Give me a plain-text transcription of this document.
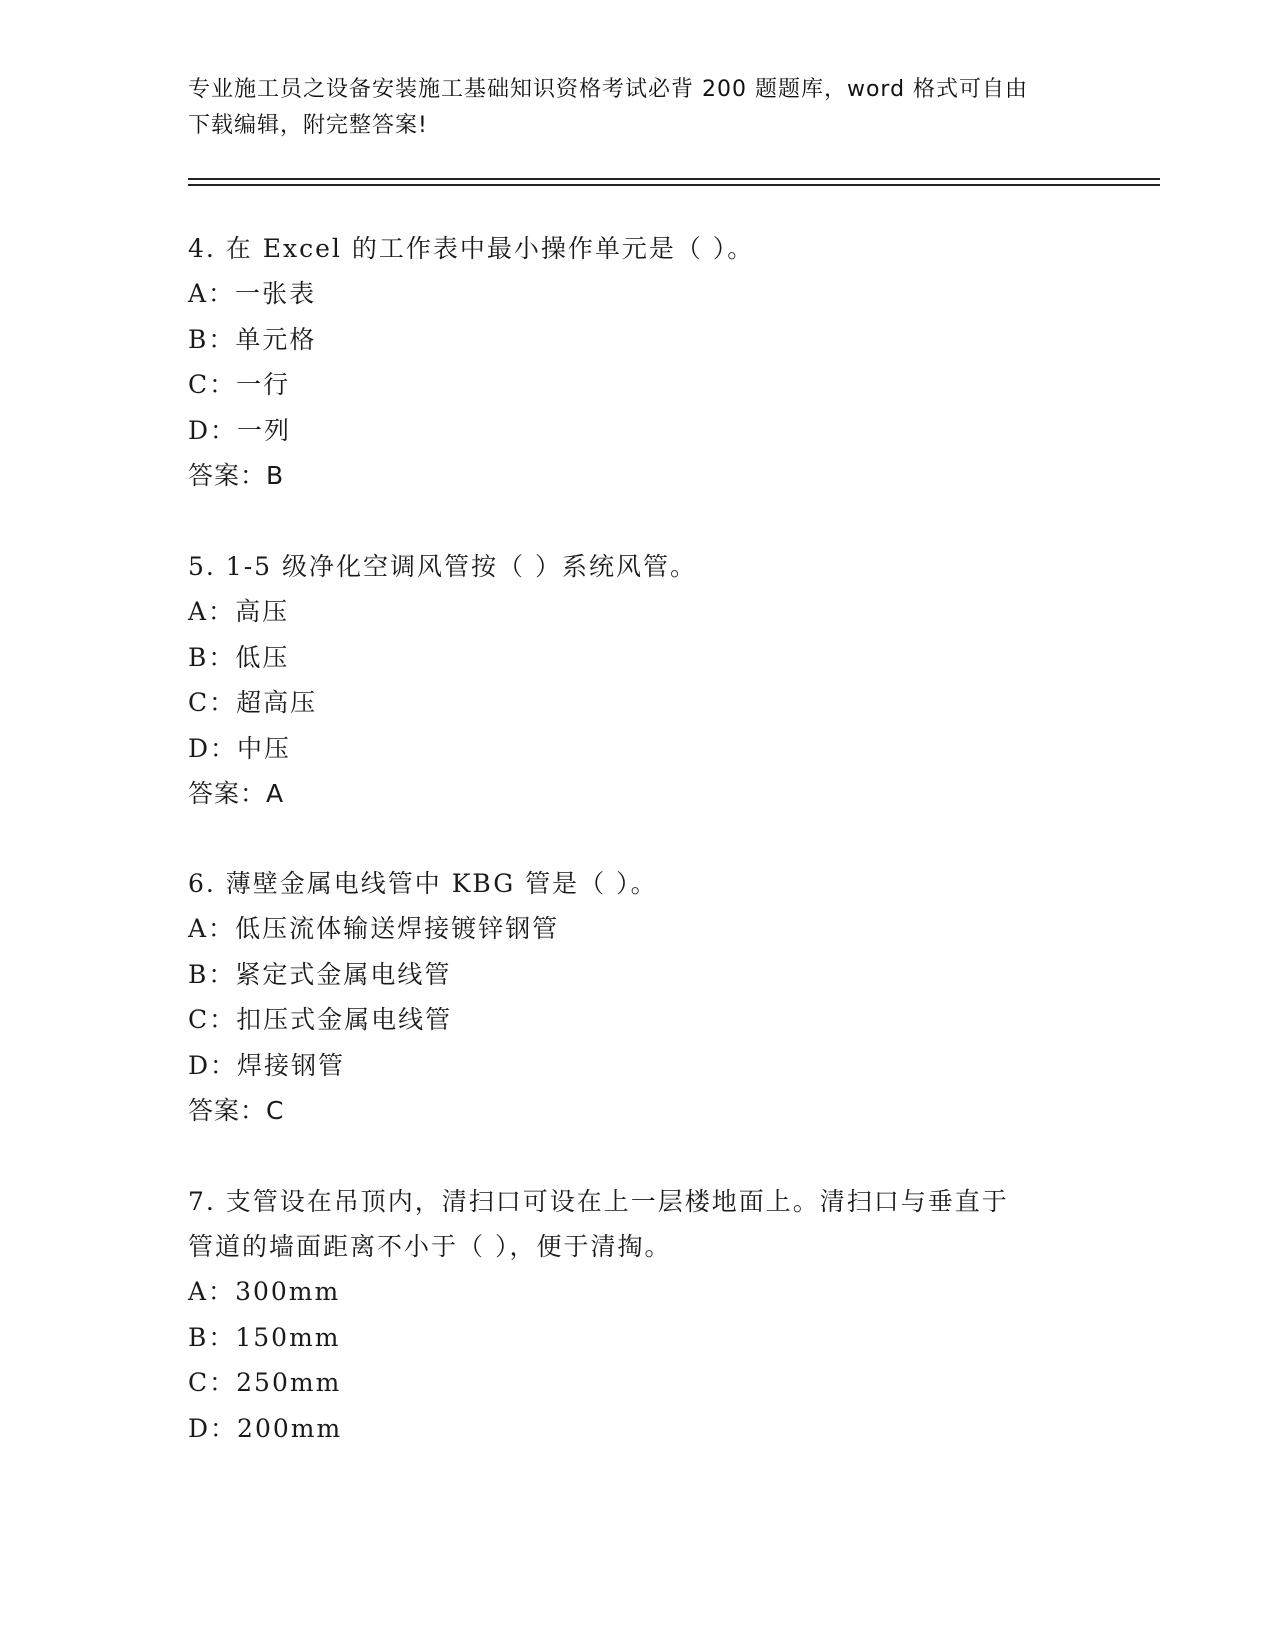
专业施工员之设备安装施工基础知识资格考试必背 200 题题库，word 格式可自由
下载编辑，附完整答案!

4. 在 Excel 的工作表中最小操作单元是（ ）。

A：一张表

B：单元格

C：一行

D：一列

答案：B

5. 1-5 级净化空调风管按（ ）系统风管。

A：高压

B：低压

C：超高压

D：中压

答案：A

6. 薄壁金属电线管中 KBG 管是（ ）。

A：低压流体输送焊接镀锌钢管

B：紧定式金属电线管

C：扣压式金属电线管

D：焊接钢管

答案：C

7. 支管设在吊顶内，清扫口可设在上一层楼地面上。清扫口与垂直于

管道的墙面距离不小于（ ），便于清掏。

A：300mm

B：150mm

C：250mm

D：200mm
